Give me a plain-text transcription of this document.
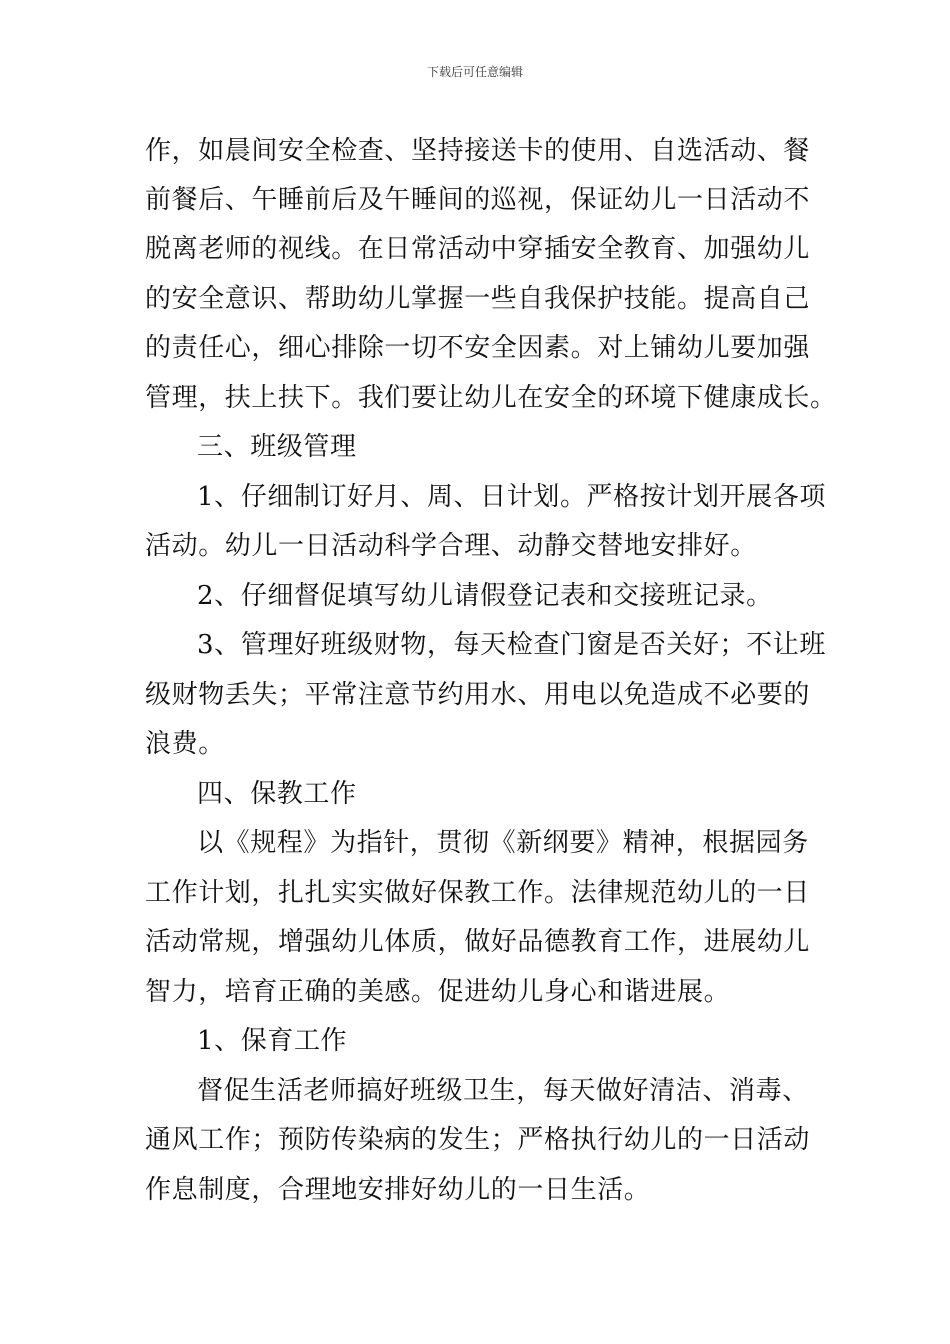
下载后可任意编辑
作，如晨间安全检查、坚持接送卡的使用、自选活动、餐
前餐后、午睡前后及午睡间的巡视，保证幼儿一日活动不
脱离老师的视线。在日常活动中穿插安全教育、加强幼儿
的安全意识、帮助幼儿掌握一些自我保护技能。提高自己
的责任心，细心排除一切不安全因素。对上铺幼儿要加强
管理，扶上扶下。我们要让幼儿在安全的环境下健康成长。
三、班级管理
1、仔细制订好月、周、日计划。严格按计划开展各项
活动。幼儿一日活动科学合理、动静交替地安排好。
2、仔细督促填写幼儿请假登记表和交接班记录。
3、管理好班级财物，每天检查门窗是否关好；不让班
级财物丢失；平常注意节约用水、用电以免造成不必要的
浪费。
四、保教工作
以《规程》为指针，贯彻《新纲要》精神，根据园务
工作计划，扎扎实实做好保教工作。法律规范幼儿的一日
活动常规，增强幼儿体质，做好品德教育工作，进展幼儿
智力，培育正确的美感。促进幼儿身心和谐进展。
1、保育工作
督促生活老师搞好班级卫生，每天做好清洁、消毒、
通风工作；预防传染病的发生；严格执行幼儿的一日活动
作息制度，合理地安排好幼儿的一日生活。
